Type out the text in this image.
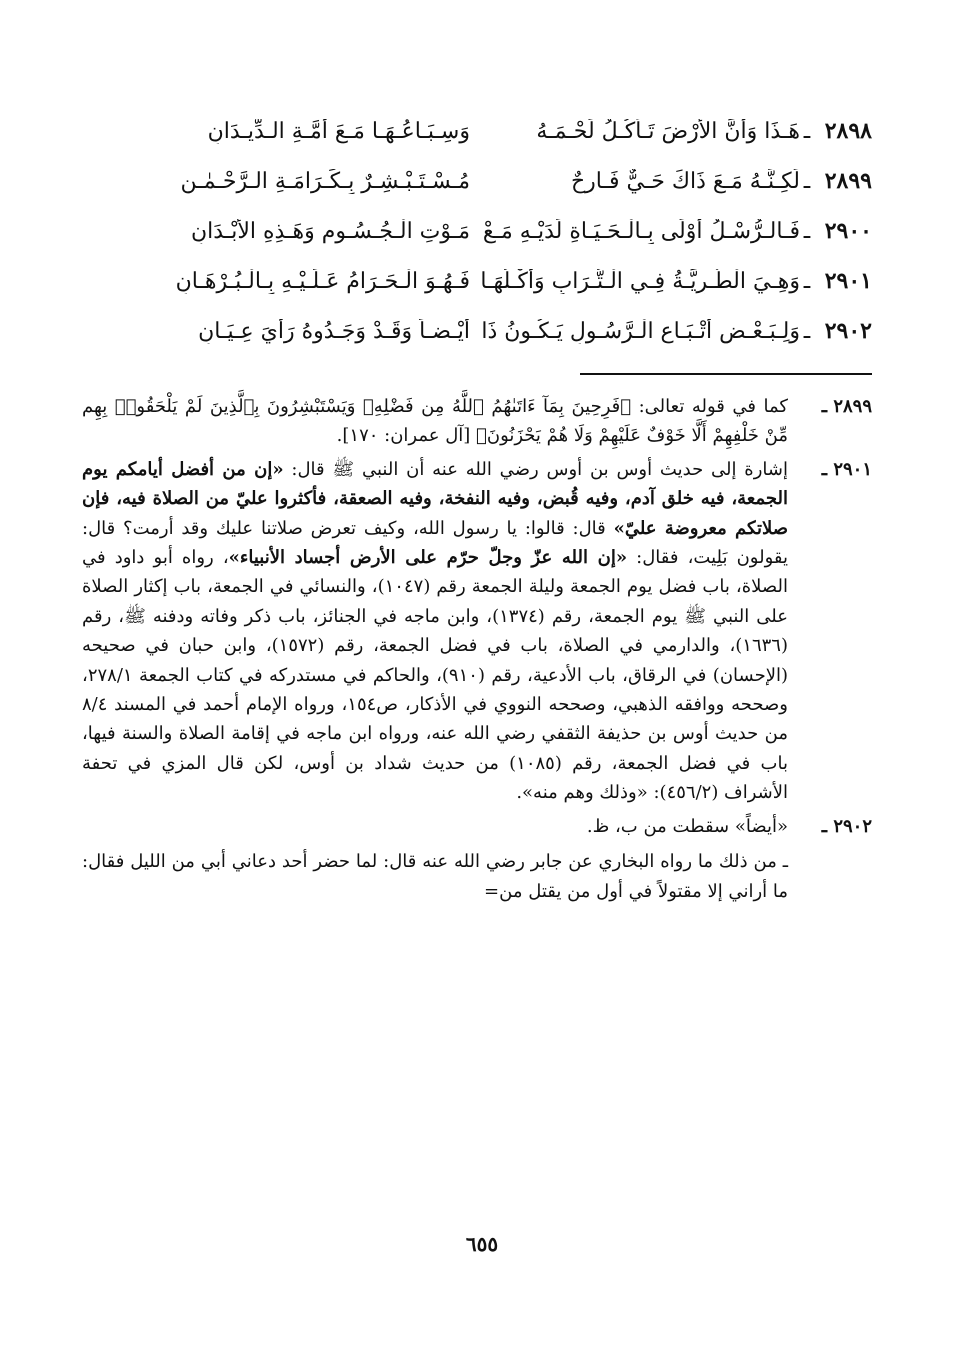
٢٨٩٨
ـ
هَـذَا وَأنَّ الأرْضَ تَـأْكُـلُ لَحْـمَـهُ
وَسِـبَـاعُـهَـا مَـعَ أُمَّـةِ الـدِّيـدَانِ
٢٨٩٩
ـ
لَكِـنَّـهُ مَـعَ ذَاكَ حَـيٌّ فَـارِحٌ
مُـسْـتَـبْـشِـرٌ بِـكَـرَامَـةِ الـرَّحْـمٰـنِ
٢٩٠٠
ـ
فَـالـرُّسْـلُ أوْلَى بِـالْـحَـيَـاةِ لَدَيْـهِ مَـعْ
مَـوْتِ الْـجُـسُـومِ وَهَـذِهِ الأبْـدَانِ
٢٩٠١
ـ
وَهِـيَ الْطَّـرِيَّـةُ فِـي الْـتُّـرَابِ وَأكْـلُهَـا
فَـهُـوَ الْـحَـرَامُ عَـلَـيْـهِ بِـالْـبُـرْهَـانِ
٢٩٠٢
ـ
وَلِـبَـعْـضِ أتْـبَـاعِ الْـرَّسُـولِ يَـكُـونُ ذَا
أيْـضـاً وَقَـدْ وَجَـدُوهُ رَأيَ عِـيَـانِ
٢٨٩٩ ـ

كما في قوله تعالى: ﴿فَرِحِينَ بِمَآ ءَاتَىٰهُمُ ٱللَّهُ مِن فَضْلِهِۦ وَيَسْتَبْشِرُونَ بِٱلَّذِينَ لَمْ يَلْحَقُوا۟ بِهِم مِّنْ خَلْفِهِمْ أَلَّا خَوْفٌ عَلَيْهِمْ وَلَا هُمْ يَحْزَنُونَ﴾ [آل عمران: ١٧٠].

٢٩٠١ ـ

إشارة إلى حديث أوس بن أوس رضي الله عنه أن النبي ﷺ قال: «إن من أفضل أيامكم يوم الجمعة، فيه خلق آدم، وفيه قُبض، وفيه النفخة، وفيه الصعقة، فأكثروا عليّ من الصلاة فيه، فإن صلاتكم معروضة عليّ» قال: قالوا: يا رسول الله، وكيف تعرض صلاتنا عليك وقد أرمت؟ قال: يقولون بَلِيت، فقال: «إن الله عزّ وجلّ حرّم على الأرض أجساد الأنبياء»، رواه أبو داود في الصلاة، باب فضل يوم الجمعة وليلة الجمعة رقم (١٠٤٧)، والنسائي في الجمعة، باب إكثار الصلاة على النبي ﷺ يوم الجمعة، رقم (١٣٧٤)، وابن ماجه في الجنائز، باب ذكر وفاته ودفنه ﷺ، رقم (١٦٣٦)، والدارمي في الصلاة، باب في فضل الجمعة، رقم (١٥٧٢)، وابن حبان في صحيحه (الإحسان) في الرقاق، باب الأدعية، رقم (٩١٠)، والحاكم في مستدركه في كتاب الجمعة ٢٧٨/١، وصححه ووافقه الذهبي، وصححه النووي في الأذكار، ص١٥٤، ورواه الإمام أحمد في المسند ٨/٤ من حديث أوس بن حذيفة الثقفي رضي الله عنه، ورواه ابن ماجه في إقامة الصلاة والسنة فيها، باب في فضل الجمعة، رقم (١٠٨٥) من حديث شداد بن أوس، لكن قال المزي في تحفة الأشراف (٤٥٦/٢): «وذلك وهم منه».

٢٩٠٢ ـ

«أيضاً» سقطت من ب، ظ.

ـ من ذلك ما رواه البخاري عن جابر رضي الله عنه قال: لما حضر أحد دعاني أبي من الليل فقال: ما أراني إلا مقتولاً في أول من يقتل من=

٦٥٥
